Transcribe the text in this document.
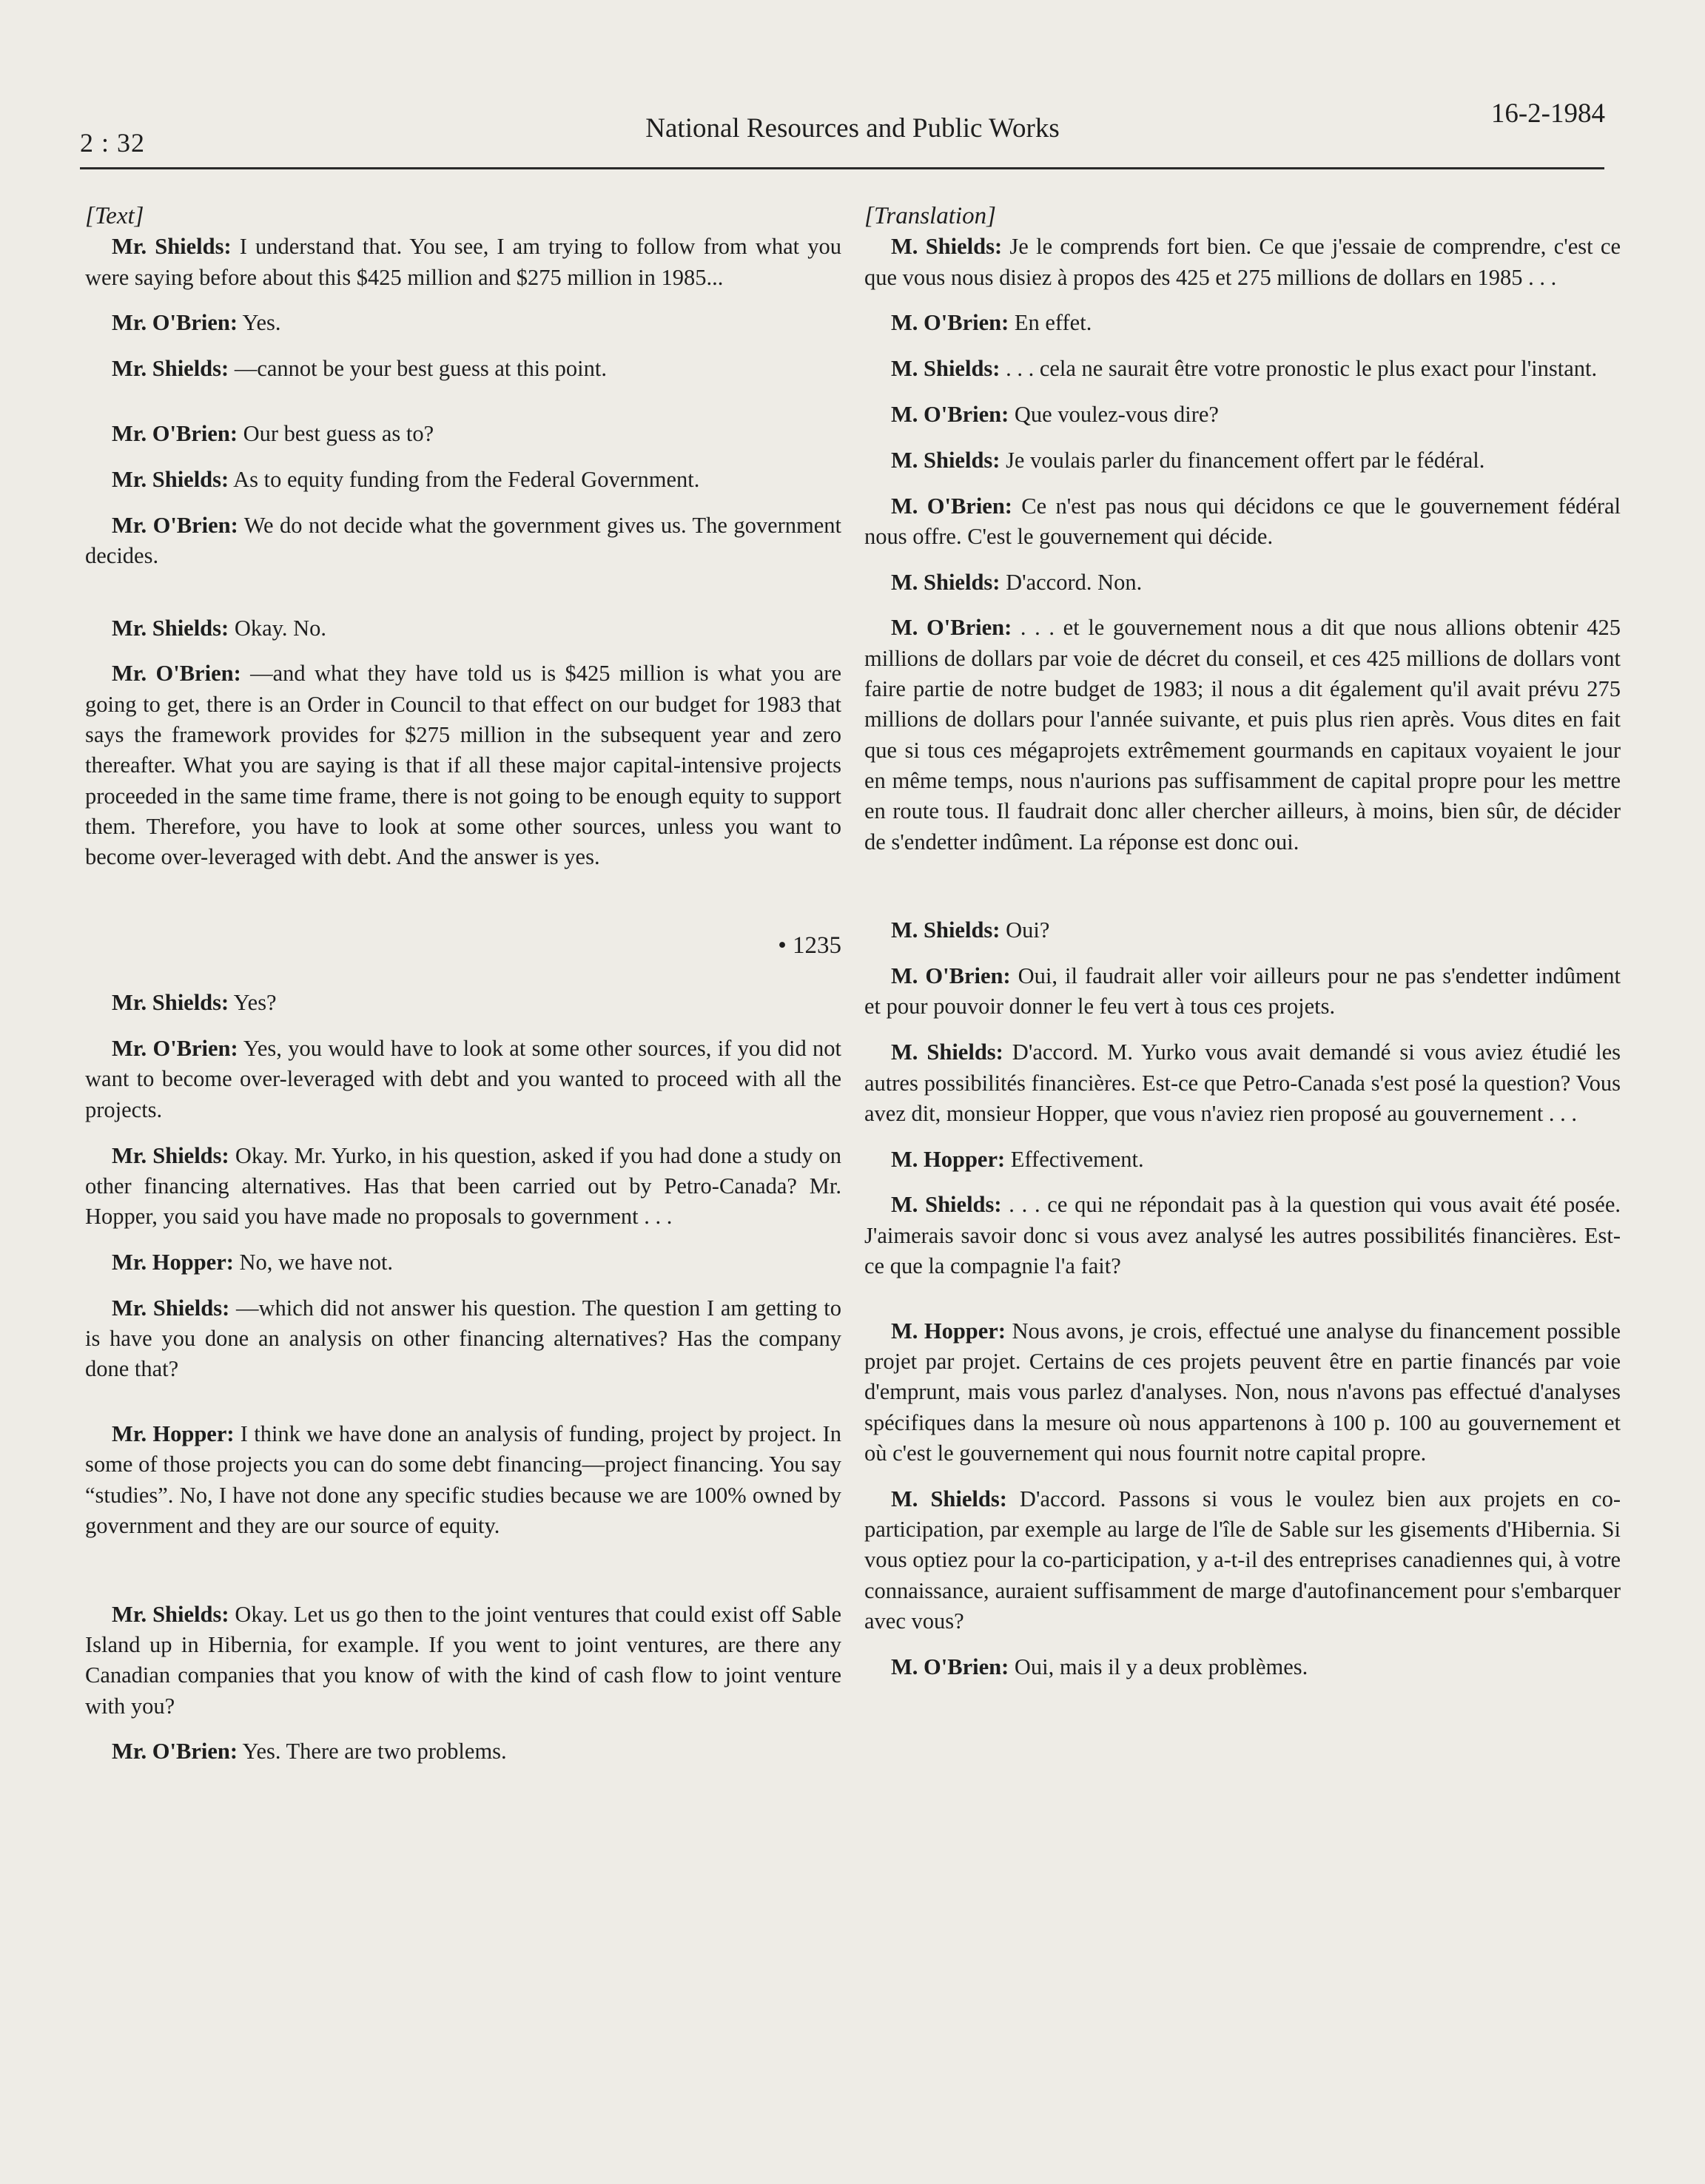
2 : 32	National Resources and Public Works	16-2-1984

[Text]

Mr. Shields: I understand that. You see, I am trying to follow from what you were saying before about this $425 million and $275 million in 1985...

Mr. O'Brien: Yes.

Mr. Shields: —cannot be your best guess at this point.

Mr. O'Brien: Our best guess as to?

Mr. Shields: As to equity funding from the Federal Government.

Mr. O'Brien: We do not decide what the government gives us. The government decides.

Mr. Shields: Okay. No.

Mr. O'Brien: —and what they have told us is $425 million is what you are going to get, there is an Order in Council to that effect on our budget for 1983 that says the framework provides for $275 million in the subsequent year and zero thereafter. What you are saying is that if all these major capital-intensive projects proceeded in the same time frame, there is not going to be enough equity to support them. Therefore, you have to look at some other sources, unless you want to become over-leveraged with debt. And the answer is yes.

• 1235

Mr. Shields: Yes?

Mr. O'Brien: Yes, you would have to look at some other sources, if you did not want to become over-leveraged with debt and you wanted to proceed with all the projects.

Mr. Shields: Okay. Mr. Yurko, in his question, asked if you had done a study on other financing alternatives. Has that been carried out by Petro-Canada? Mr. Hopper, you said you have made no proposals to government . . .

Mr. Hopper: No, we have not.

Mr. Shields: —which did not answer his question. The question I am getting to is have you done an analysis on other financing alternatives? Has the company done that?

Mr. Hopper: I think we have done an analysis of funding, project by project. In some of those projects you can do some debt financing—project financing. You say “studies”. No, I have not done any specific studies because we are 100% owned by government and they are our source of equity.

Mr. Shields: Okay. Let us go then to the joint ventures that could exist off Sable Island up in Hibernia, for example. If you went to joint ventures, are there any Canadian companies that you know of with the kind of cash flow to joint venture with you?

Mr. O'Brien: Yes. There are two problems.

[Translation]

M. Shields: Je le comprends fort bien. Ce que j'essaie de comprendre, c'est ce que vous nous disiez à propos des 425 et 275 millions de dollars en 1985 . . .

M. O'Brien: En effet.

M. Shields: . . . cela ne saurait être votre pronostic le plus exact pour l'instant.

M. O'Brien: Que voulez-vous dire?

M. Shields: Je voulais parler du financement offert par le fédéral.

M. O'Brien: Ce n'est pas nous qui décidons ce que le gouvernement fédéral nous offre. C'est le gouvernement qui décide.

M. Shields: D'accord. Non.

M. O'Brien: . . . et le gouvernement nous a dit que nous allions obtenir 425 millions de dollars par voie de décret du conseil, et ces 425 millions de dollars vont faire partie de notre budget de 1983; il nous a dit également qu'il avait prévu 275 millions de dollars pour l'année suivante, et puis plus rien après. Vous dites en fait que si tous ces mégaprojets extrêmement gourmands en capitaux voyaient le jour en même temps, nous n'aurions pas suffisamment de capital propre pour les mettre en route tous. Il faudrait donc aller chercher ailleurs, à moins, bien sûr, de décider de s'endetter indûment. La réponse est donc oui.

M. Shields: Oui?

M. O'Brien: Oui, il faudrait aller voir ailleurs pour ne pas s'endetter indûment et pour pouvoir donner le feu vert à tous ces projets.

M. Shields: D'accord. M. Yurko vous avait demandé si vous aviez étudié les autres possibilités financières. Est-ce que Petro-Canada s'est posé la question? Vous avez dit, monsieur Hopper, que vous n'aviez rien proposé au gouvernement . . .

M. Hopper: Effectivement.

M. Shields: . . . ce qui ne répondait pas à la question qui vous avait été posée. J'aimerais savoir donc si vous avez analysé les autres possibilités financières. Est-ce que la compagnie l'a fait?

M. Hopper: Nous avons, je crois, effectué une analyse du financement possible projet par projet. Certains de ces projets peuvent être en partie financés par voie d'emprunt, mais vous parlez d'analyses. Non, nous n'avons pas effectué d'analyses spécifiques dans la mesure où nous appartenons à 100 p. 100 au gouvernement et où c'est le gouvernement qui nous fournit notre capital propre.

M. Shields: D'accord. Passons si vous le voulez bien aux projets en co-participation, par exemple au large de l'île de Sable sur les gisements d'Hibernia. Si vous optiez pour la co-participation, y a-t-il des entreprises canadiennes qui, à votre connaissance, auraient suffisamment de marge d'autofinancement pour s'embarquer avec vous?

M. O'Brien: Oui, mais il y a deux problèmes.
